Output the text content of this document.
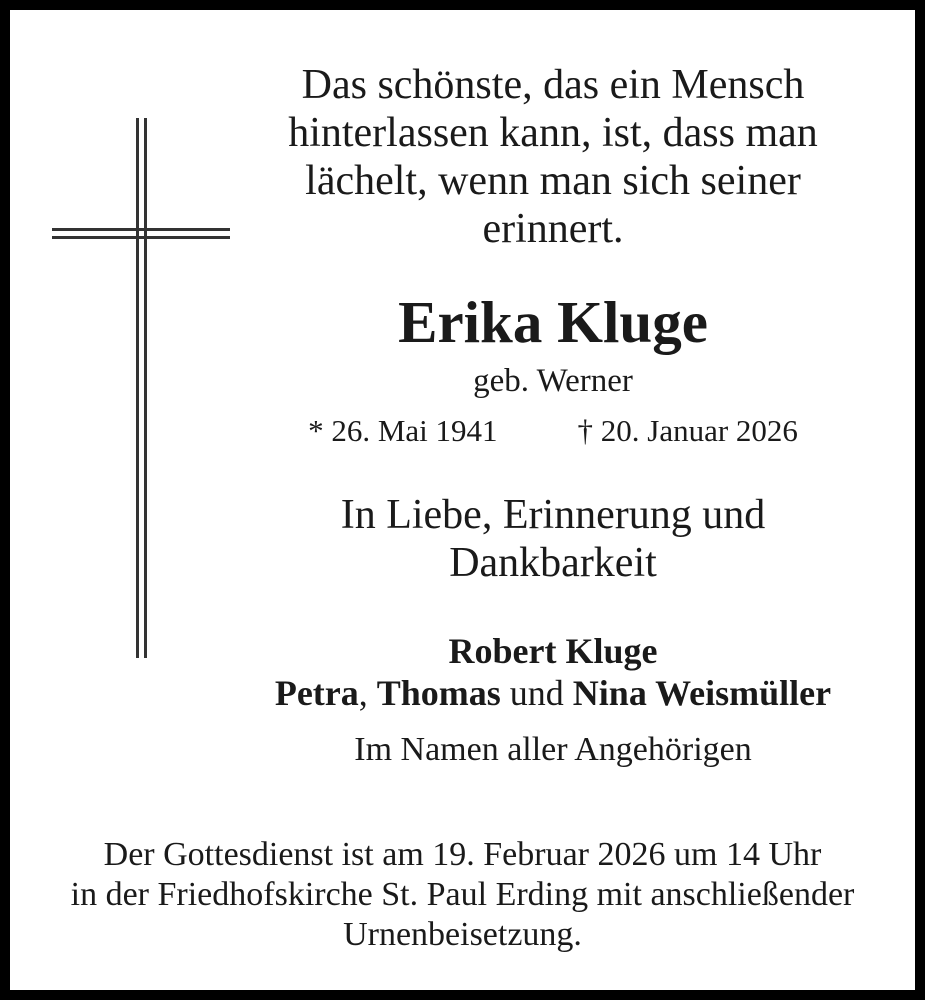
Das schönste, das ein Mensch
hinterlassen kann, ist, dass man
lächelt, wenn man sich seiner
erinnert.
Erika Kluge
geb. Werner
* 26. Mai 1941	† 20. Januar 2026
In Liebe, Erinnerung und
Dankbarkeit
Robert Kluge
Petra, Thomas und Nina Weismüller
Im Namen aller Angehörigen
Der Gottesdienst ist am 19. Februar 2026 um 14 Uhr
in der Friedhofskirche St. Paul Erding mit anschließender
Urnenbeisetzung.
